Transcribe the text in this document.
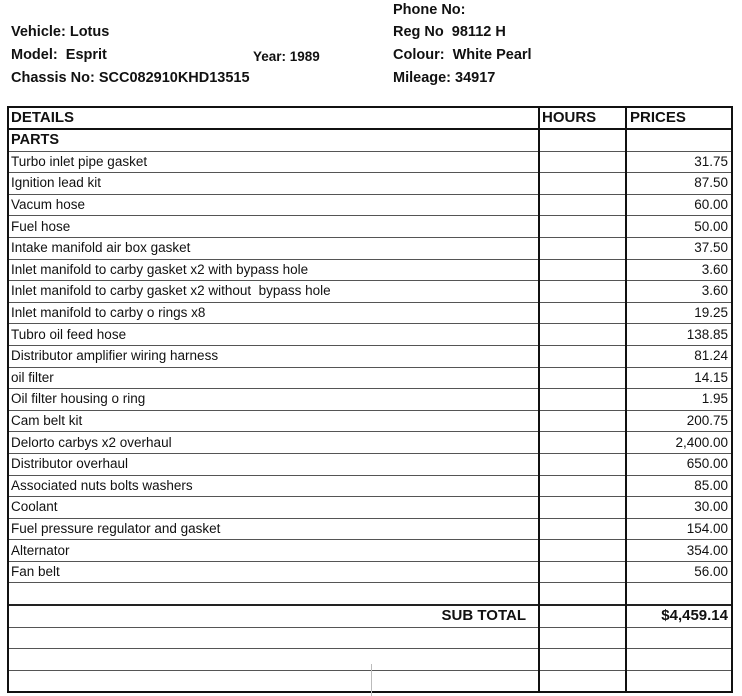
Vehicle: Lotus
Model:  Esprit	Year: 1989
Chassis No: SCC082910KHD13515
Phone No:
Reg No  98112 H
Colour:  White Pearl
Mileage: 34917
DETAILS	HOURS	PRICES
PARTS		
Turbo inlet pipe gasket		31.75
Ignition lead kit		87.50
Vacum hose		60.00
Fuel hose		50.00
Intake manifold air box gasket		37.50
Inlet manifold to carby gasket x2 with bypass hole		3.60
Inlet manifold to carby gasket x2 without  bypass hole		3.60
Inlet manifold to carby o rings x8		19.25
Tubro oil feed hose		138.85
Distributor amplifier wiring harness		81.24
oil filter		14.15
Oil filter housing o ring		1.95
Cam belt kit		200.75
Delorto carbys x2 overhaul		2,400.00
Distributor overhaul		650.00
Associated nuts bolts washers		85.00
Coolant		30.00
Fuel pressure regulator and gasket		154.00
Alternator		354.00
Fan belt		56.00

SUB TOTAL		$4,459.14
